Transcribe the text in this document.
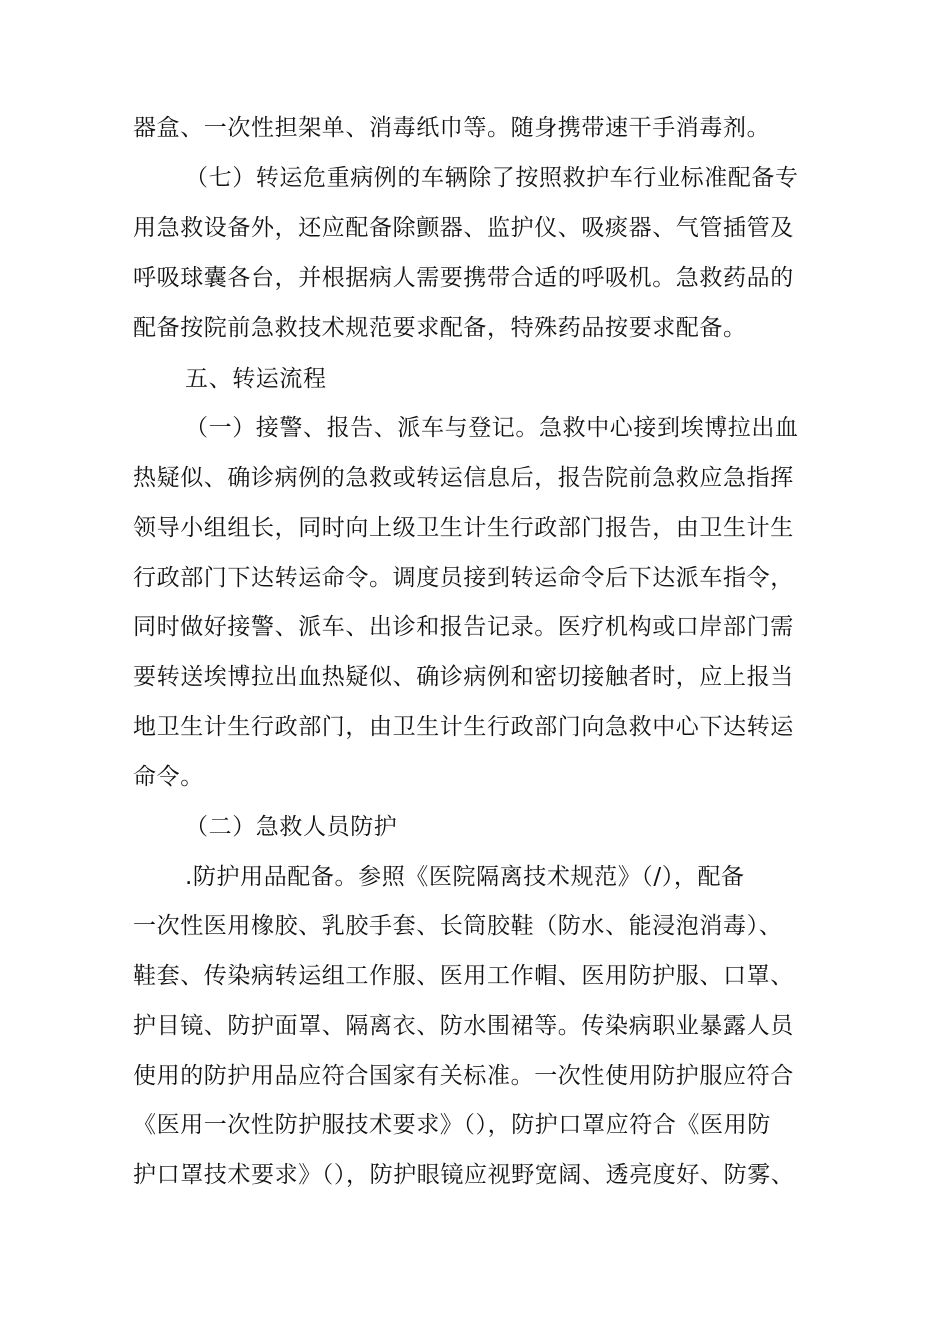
器盒、一次性担架单、消毒纸巾等。随身携带速干手消毒剂。
（七）转运危重病例的车辆除了按照救护车行业标准配备专
用急救设备外，还应配备除颤器、监护仪、吸痰器、气管插管及
呼吸球囊各台，并根据病人需要携带合适的呼吸机。急救药品的
配备按院前急救技术规范要求配备，特殊药品按要求配备。
五、转运流程
（一）接警、报告、派车与登记。急救中心接到埃博拉出血
热疑似、确诊病例的急救或转运信息后，报告院前急救应急指挥
领导小组组长，同时向上级卫生计生行政部门报告，由卫生计生
行政部门下达转运命令。调度员接到转运命令后下达派车指令，
同时做好接警、派车、出诊和报告记录。医疗机构或口岸部门需
要转送埃博拉出血热疑似、确诊病例和密切接触者时，应上报当
地卫生计生行政部门，由卫生计生行政部门向急救中心下达转运
命令。
（二）急救人员防护
.防护用品配备。参照《医院隔离技术规范》（/），配备
一次性医用橡胶、乳胶手套、长筒胶鞋（防水、能浸泡消毒）、
鞋套、传染病转运组工作服、医用工作帽、医用防护服、口罩、
护目镜、防护面罩、隔离衣、防水围裙等。传染病职业暴露人员
使用的防护用品应符合国家有关标准。一次性使用防护服应符合
《医用一次性防护服技术要求》（），防护口罩应符合《医用防
护口罩技术要求》（），防护眼镜应视野宽阔、透亮度好、防雾、
